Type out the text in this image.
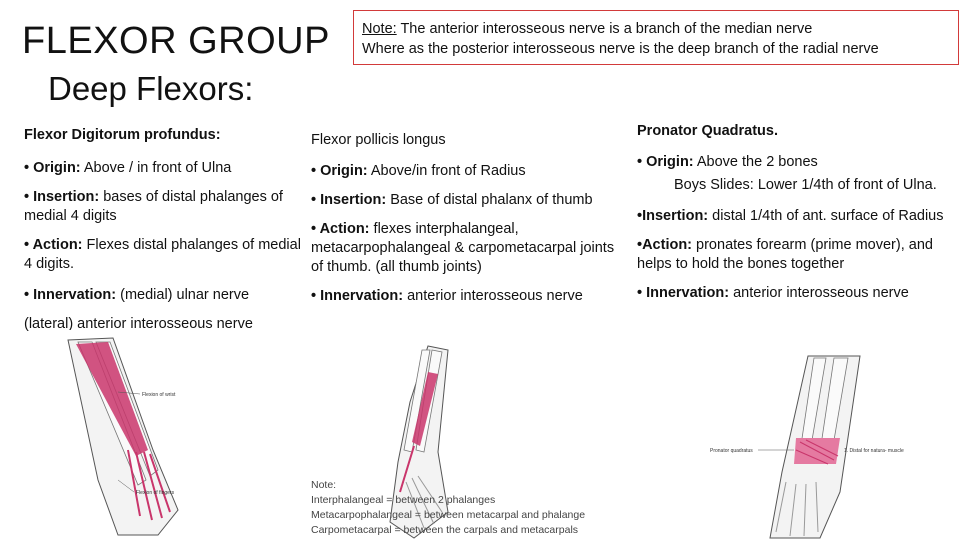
FLEXOR GROUP
Deep Flexors:
Note: The anterior interosseous nerve is a branch of the median nerve
Where as the posterior interosseous nerve is the deep branch of the radial nerve

Flexor Digitorum profundus:

• Origin: Above / in front of Ulna

• Insertion: bases of distal phalanges of medial 4 digits

• Action: Flexes distal phalanges of medial 4 digits.

• Innervation: (medial) ulnar nerve

(lateral) anterior interosseous nerve

Flexor pollicis longus

• Origin: Above/in front of Radius

• Insertion: Base of distal phalanx of thumb

• Action: flexes interphalangeal, metacarpophalangeal & carpometacarpal joints of thumb. (all thumb joints)

• Innervation: anterior interosseous nerve

Pronator Quadratus.

• Origin: Above the 2 bones

Boys Slides: Lower 1/4th of front of Ulna.

•Insertion: distal 1/4th of ant. surface of Radius

•Action: pronates forearm (prime mover), and helps to hold the bones together

• Innervation: anterior interosseous nerve

Flexion of wrist
Flexion of fingers
Pronator quadratus	1. Distal for natura- muscle
Note:
Interphalangeal = between 2 phalanges
Metacarpophalangeal = between metacarpal and phalange
Carpometacarpal = between the carpals and metacarpals
